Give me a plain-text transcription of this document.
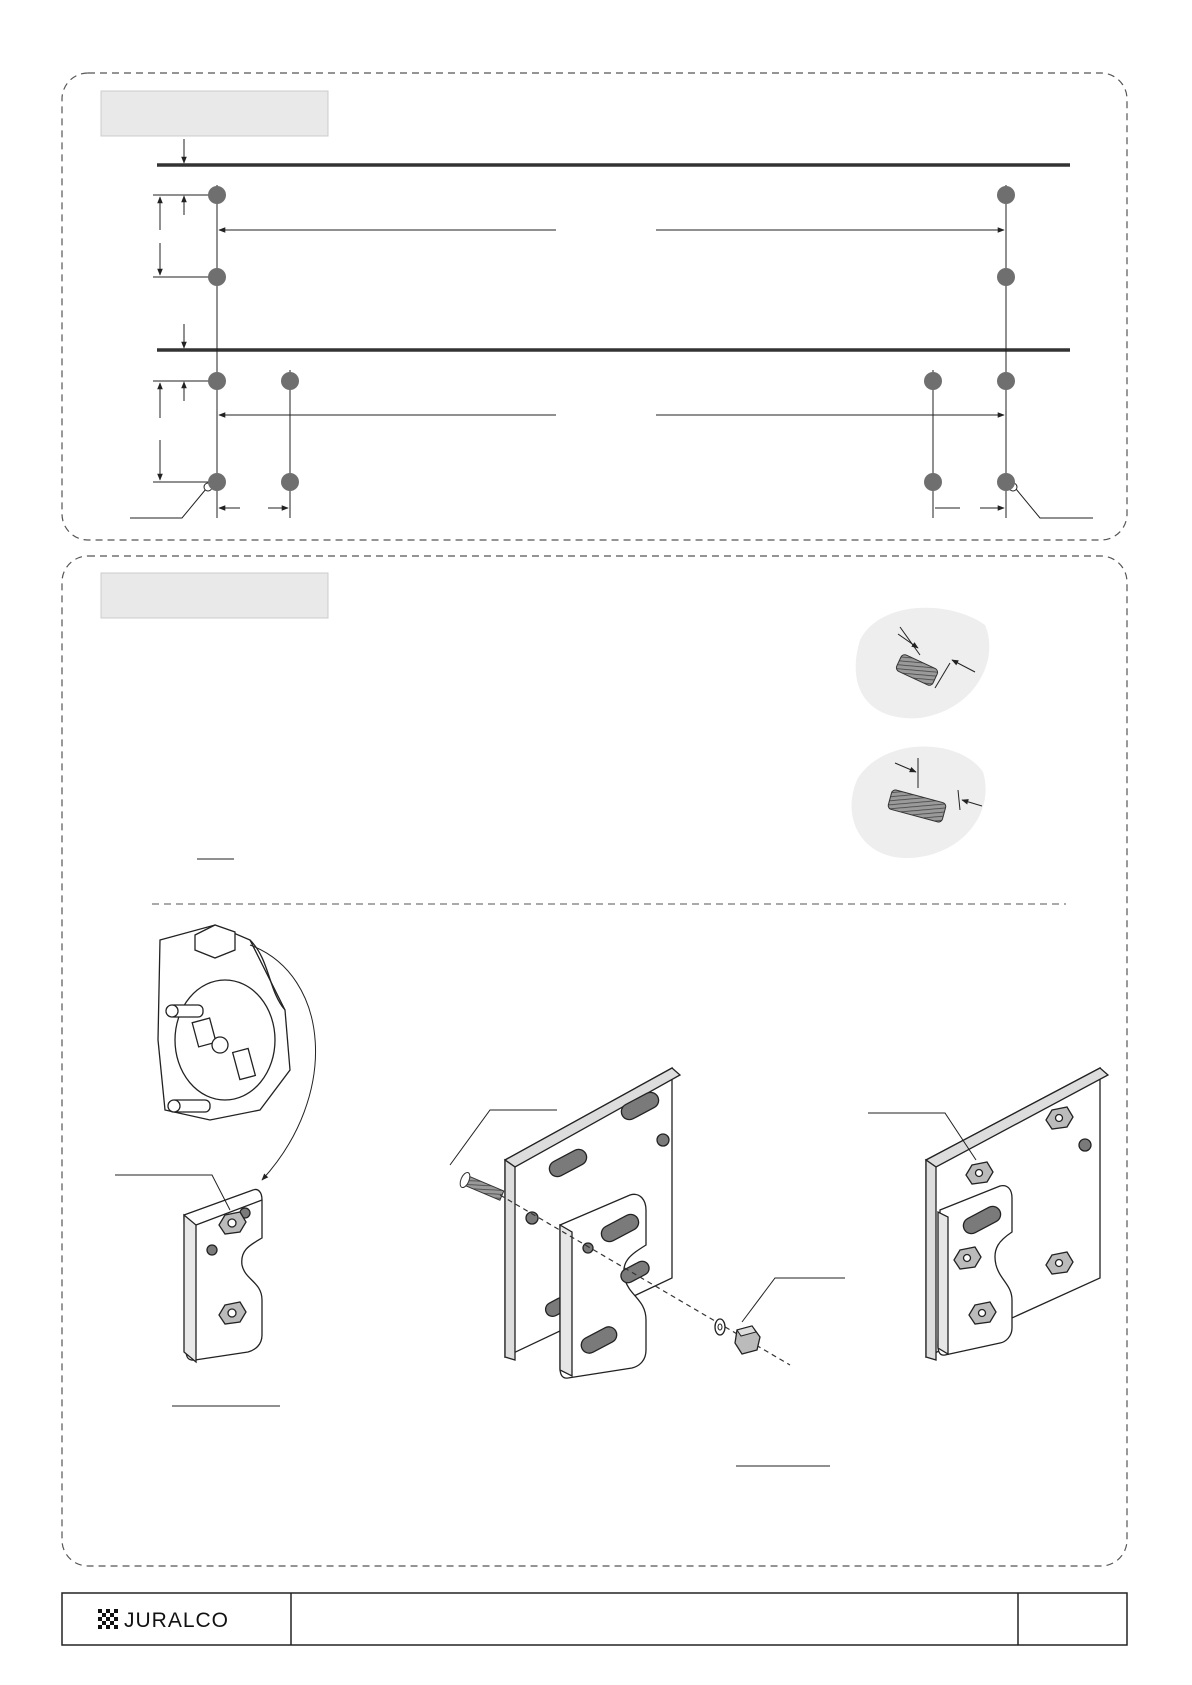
JURALCO
